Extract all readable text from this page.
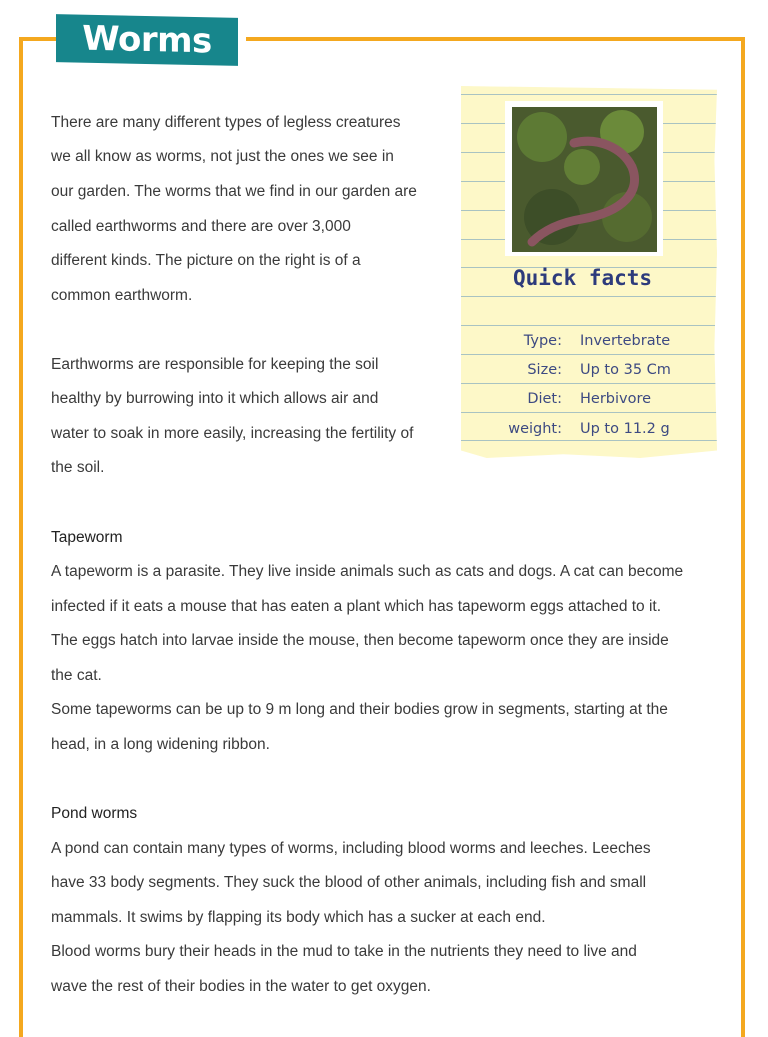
Worms
There are many different types of legless creatures
we all know as worms, not just the ones we see in
our garden. The worms that we find in our garden are
called earthworms and there are over 3,000
different kinds. The picture on the right is of a
common earthworm.
Earthworms are responsible for keeping the soil
healthy by burrowing into it which allows air and
water to soak in more easily, increasing the fertility of
the soil.
Quick facts
Type: Invertebrate
Size: Up to 35 Cm
Diet: Herbivore
weight: Up to 11.2 g
Tapeworm
A tapeworm is a parasite. They live inside animals such as cats and dogs. A cat can become
infected if it eats a mouse that has eaten a plant which has tapeworm eggs attached to it.
The eggs hatch into larvae inside the mouse, then become tapeworm once they are inside
the cat.
Some tapeworms can be up to 9 m long and their bodies grow in segments, starting at the
head, in a long widening ribbon.
Pond worms
A pond can contain many types of worms, including blood worms and leeches. Leeches
have 33 body segments. They suck the blood of other animals, including fish and small
mammals. It swims by flapping its body which has a sucker at each end.
Blood worms bury their heads in the mud to take in the nutrients they need to live and
wave the rest of their bodies in the water to get oxygen.
